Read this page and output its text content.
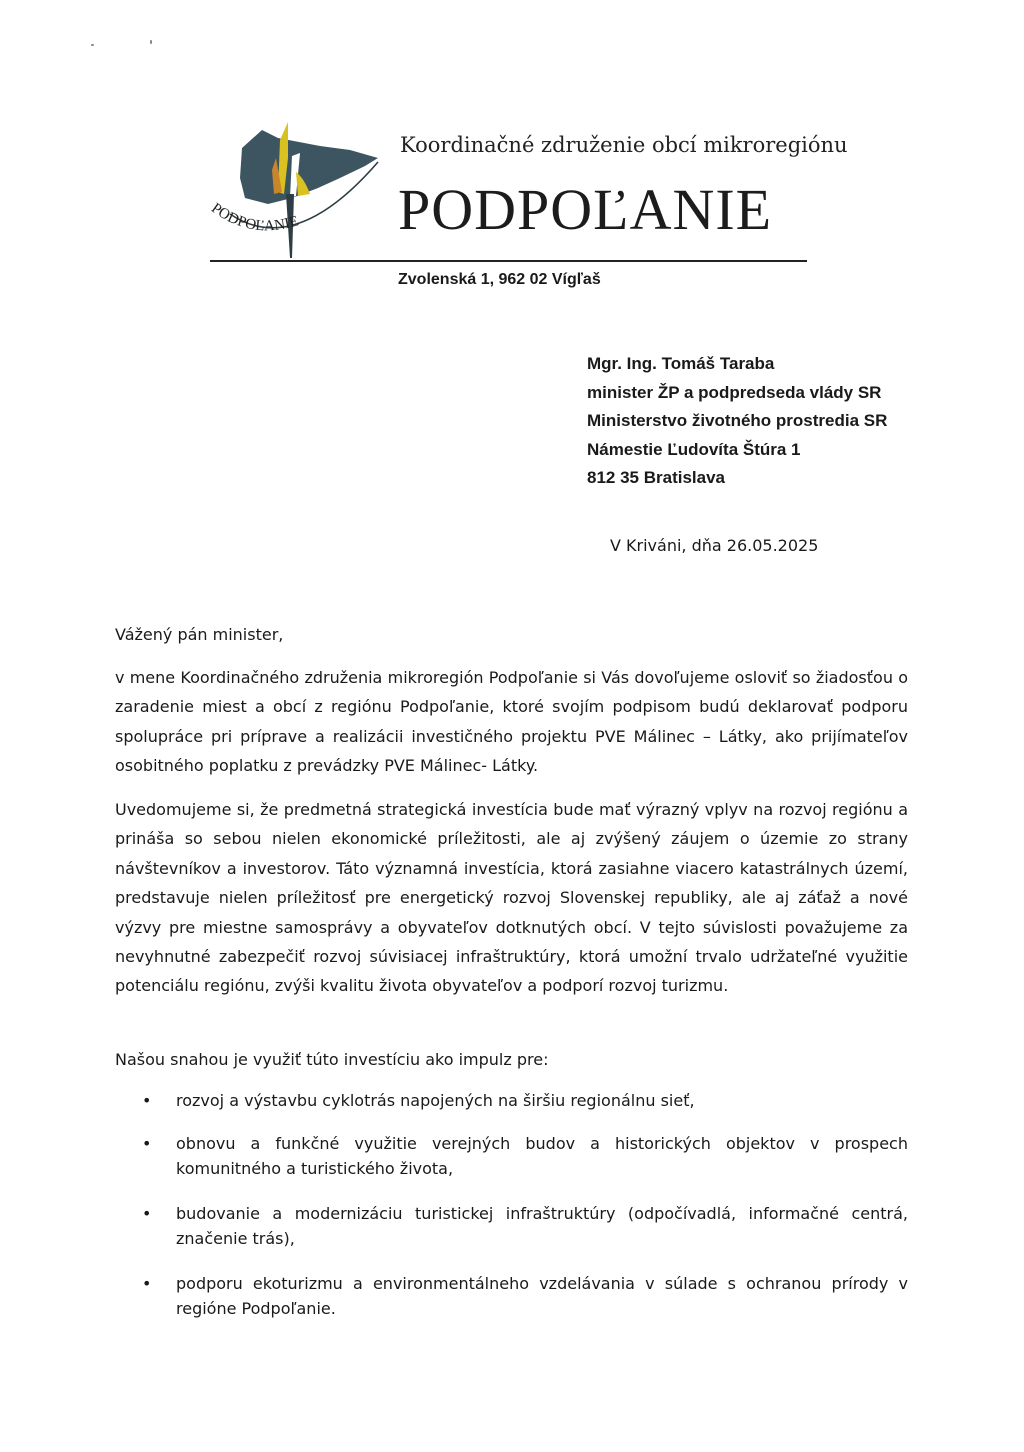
PODPOĽANIE
Koordinačné združenie obcí mikroregiónu
PODPOĽANIE
Zvolenská 1, 962 02 Vígľaš
Mgr. Ing. Tomáš Taraba
minister ŽP a podpredseda vlády SR
Ministerstvo životného prostredia SR
Námestie Ľudovíta Štúra 1
812 35 Bratislava
V Kriváni, dňa 26.05.2025
Vážený pán minister,

v mene Koordinačného združenia mikroregión Podpoľanie si Vás dovoľujeme osloviť so žiadosťou o zaradenie miest a obcí z regiónu Podpoľanie, ktoré svojím podpisom budú deklarovať podporu spolupráce pri príprave a realizácii investičného projektu PVE Málinec – Látky, ako prijímateľov osobitného poplatku z prevádzky PVE Málinec- Látky.

Uvedomujeme si, že predmetná strategická investícia bude mať výrazný vplyv na rozvoj regiónu a prináša so sebou nielen ekonomické príležitosti, ale aj zvýšený záujem o územie zo strany návštevníkov a investorov. Táto významná investícia, ktorá zasiahne viacero katastrálnych území, predstavuje nielen príležitosť pre energetický rozvoj Slovenskej republiky, ale aj záťaž a nové výzvy pre miestne samosprávy a obyvateľov dotknutých obcí. V tejto súvislosti považujeme za nevyhnutné zabezpečiť rozvoj súvisiacej infraštruktúry, ktorá umožní trvalo udržateľné využitie potenciálu regiónu, zvýši kvalitu života obyvateľov a podporí rozvoj turizmu.

Našou snahou je využiť túto investíciu ako impulz pre:

• rozvoj a výstavbu cyklotrás napojených na širšiu regionálnu sieť,
• obnovu a funkčné využitie verejných budov a historických objektov v prospech komunitného a turistického života,
• budovanie a modernizáciu turistickej infraštruktúry (odpočívadlá, informačné centrá, značenie trás),
• podporu ekoturizmu a environmentálneho vzdelávania v súlade s ochranou prírody v regióne Podpoľanie.
